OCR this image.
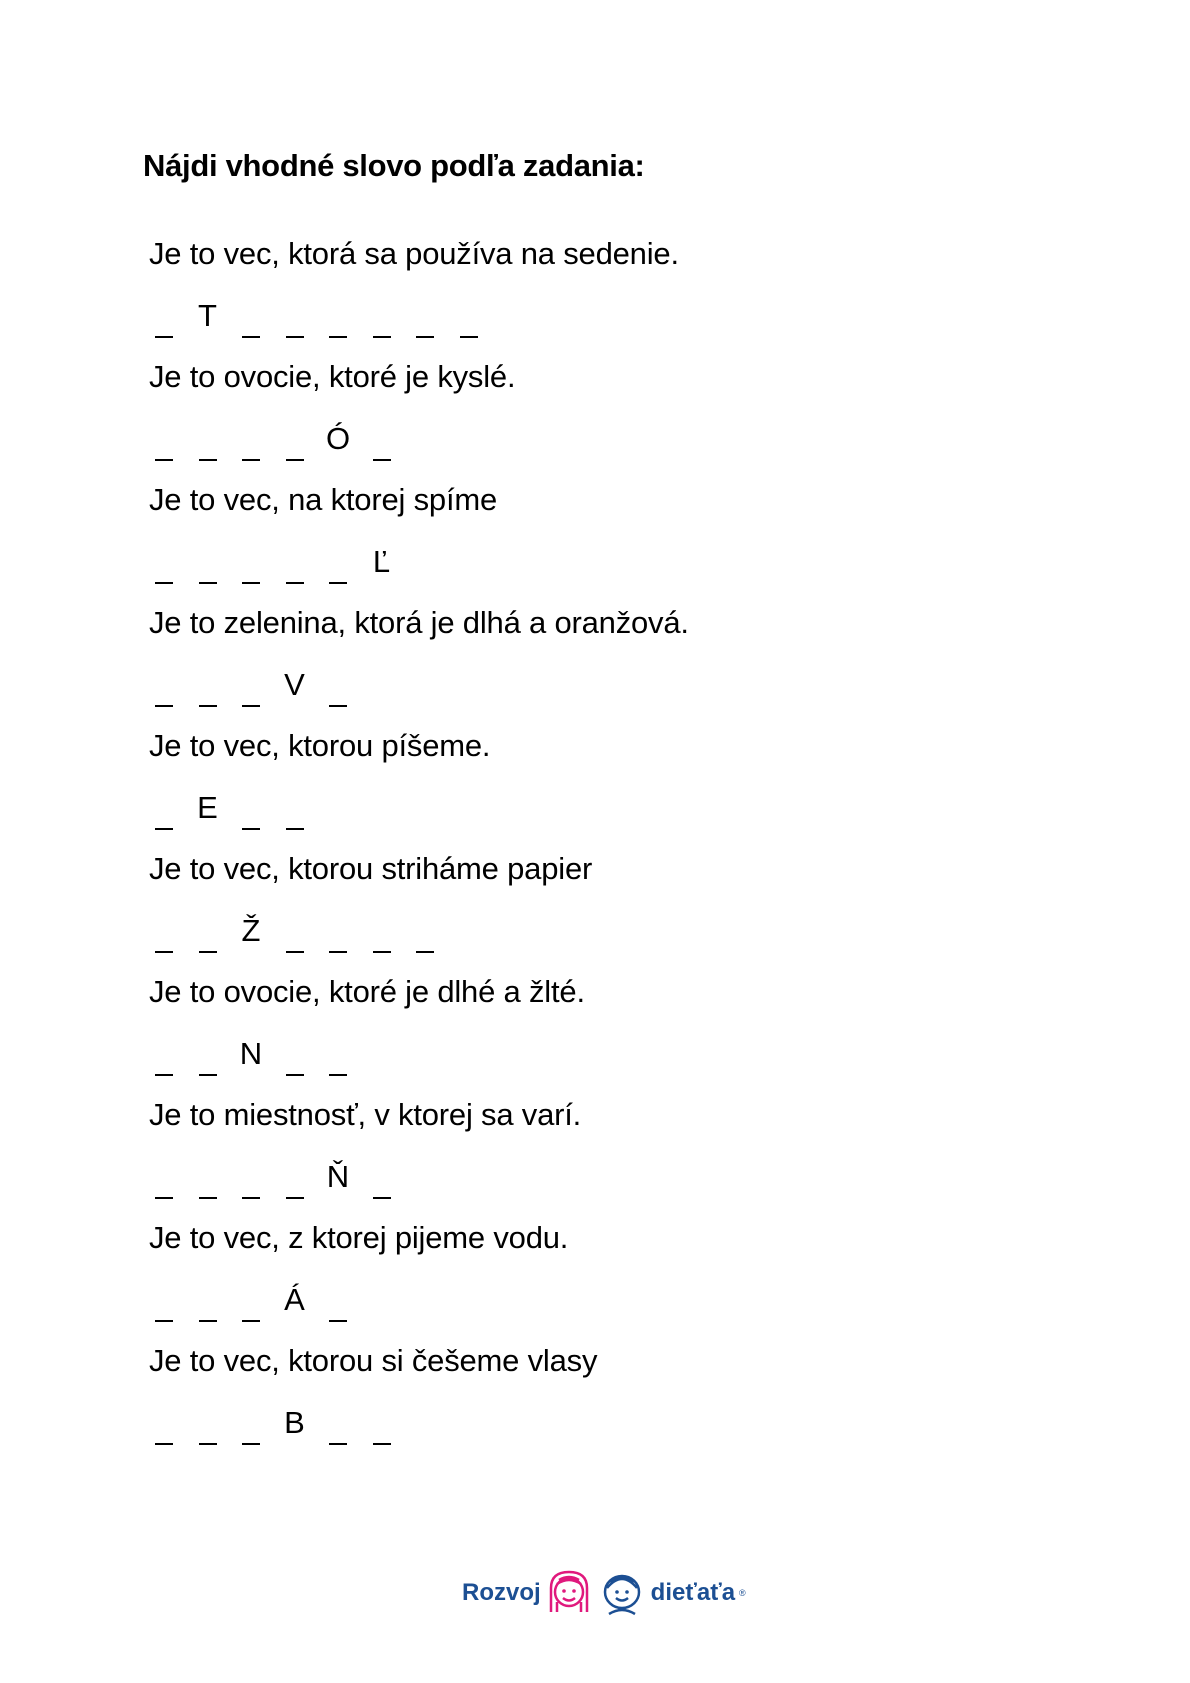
Nájdi vhodné slovo podľa zadania:
Je to vec, ktorá sa používa na sedenie.
T
Je to ovocie, ktoré je kyslé.
Ó
Je to vec, na ktorej spíme
Ľ
Je to zelenina, ktorá je dlhá a oranžová.
V
Je to vec, ktorou píšeme.
E
Je to vec, ktorou striháme papier
Ž
Je to ovocie, ktoré je dlhé a žlté.
N
Je to miestnosť, v ktorej sa varí.
Ň
Je to vec, z ktorej pijeme vodu.
Á
Je to vec, ktorou si češeme vlasy
B
Rozvoj	dieťaťa ®
